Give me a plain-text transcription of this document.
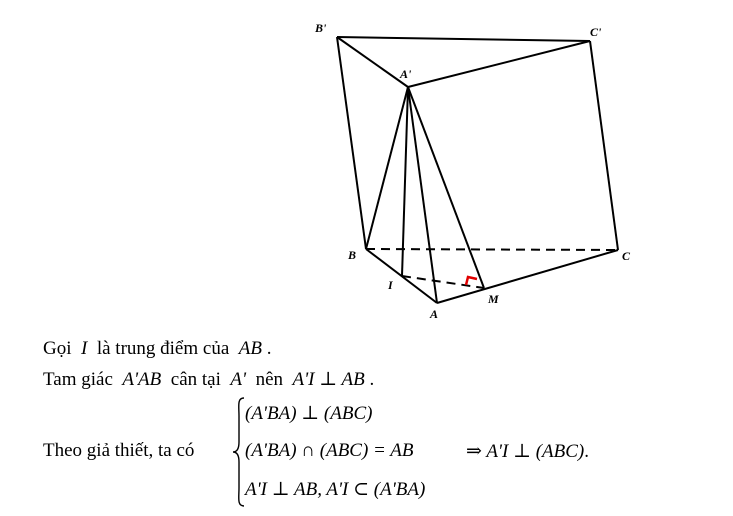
B'	C'
A'
B	C
I
A
M
Gọi I là trung điểm của AB .
Tam giác A'AB cân tại A' nên A'I ⊥ AB .
Theo giả thiết, ta có
(A'BA) ⊥ (ABC)
(A'BA) ∩ (ABC) = AB
A'I ⊥ AB, A'I ⊂ (A'BA)
⇒ A'I ⊥ (ABC).
